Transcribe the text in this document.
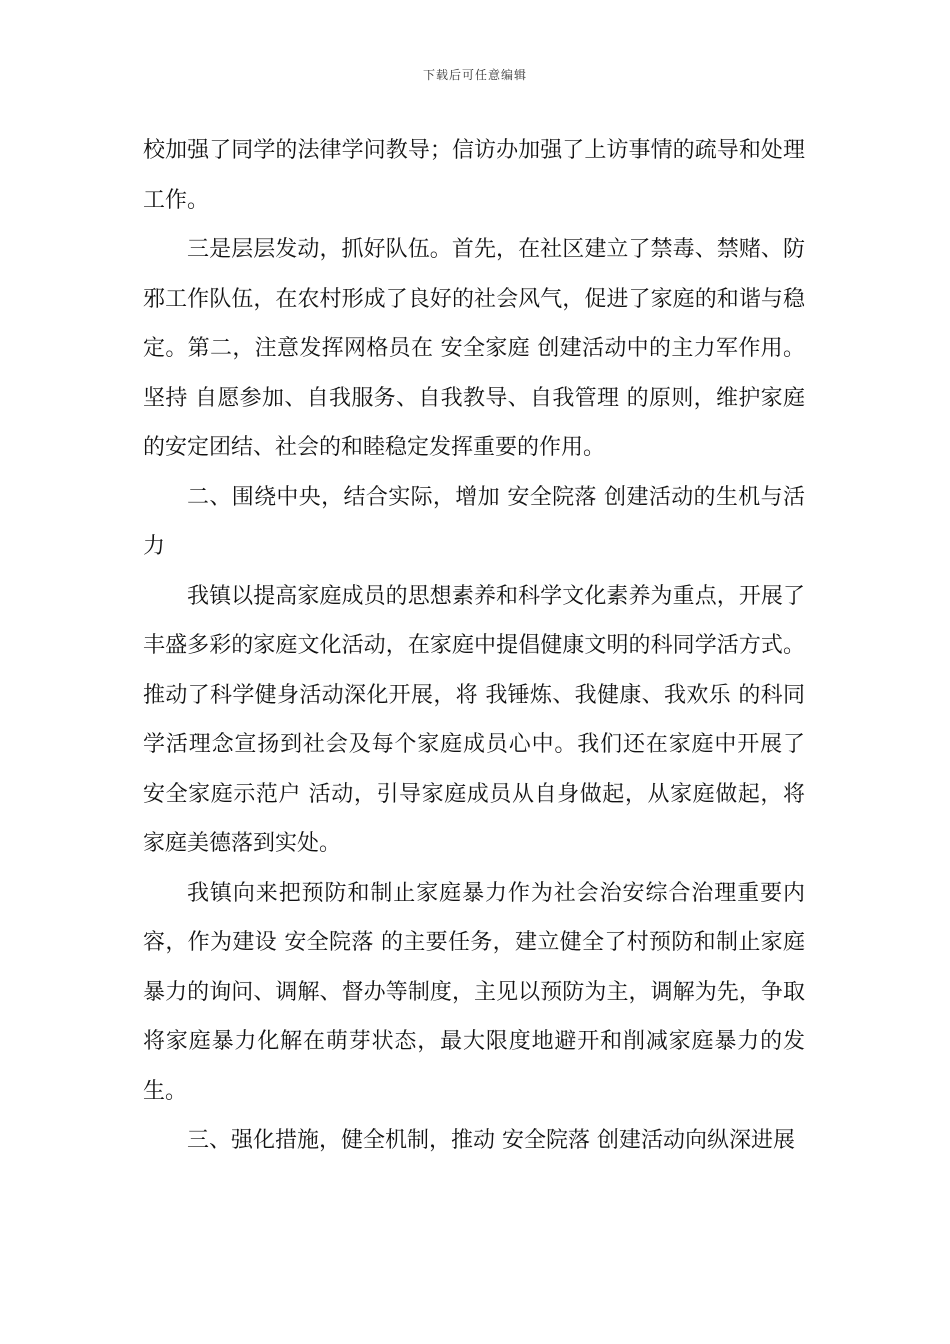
下载后可任意编辑

校加强了同学的法律学问教导；信访办加强了上访事情的疏导和处理工作。

三是层层发动，抓好队伍。首先，在社区建立了禁毒、禁赌、防邪工作队伍，在农村形成了良好的社会风气，促进了家庭的和谐与稳定。第二，注意发挥网格员在 安全家庭 创建活动中的主力军作用。坚持 自愿参加、自我服务、自我教导、自我管理 的原则，维护家庭的安定团结、社会的和睦稳定发挥重要的作用。

二、围绕中央，结合实际，增加 安全院落 创建活动的生机与活力

我镇以提高家庭成员的思想素养和科学文化素养为重点，开展了丰盛多彩的家庭文化活动，在家庭中提倡健康文明的科同学活方式。推动了科学健身活动深化开展，将 我锤炼、我健康、我欢乐 的科同学活理念宣扬到社会及每个家庭成员心中。我们还在家庭中开展了 安全家庭示范户 活动，引导家庭成员从自身做起，从家庭做起，将家庭美德落到实处。

我镇向来把预防和制止家庭暴力作为社会治安综合治理重要内容，作为建设 安全院落 的主要任务，建立健全了村预防和制止家庭暴力的询问、调解、督办等制度，主见以预防为主，调解为先，争取将家庭暴力化解在萌芽状态，最大限度地避开和削减家庭暴力的发生。

三、强化措施，健全机制，推动 安全院落 创建活动向纵深进展
